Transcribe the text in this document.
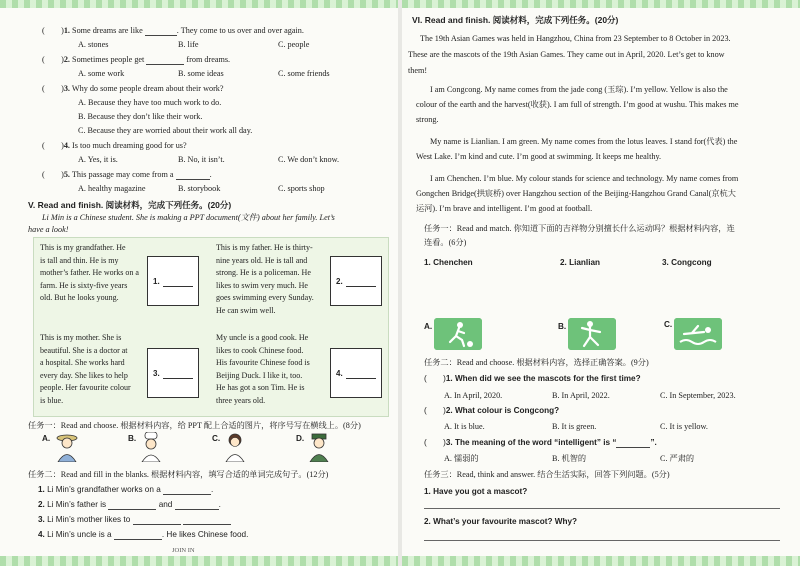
(　　)1. Some dreams are like	. They come to us over and over again.
A. stones	B. life	C. people
(　　)2. Sometimes people get	from dreams.
A. some work	B. some ideas	C. some friends
(　　)3. Why do some people dream about their work?
A. Because they have too much work to do.
B. Because they don’t like their work.
C. Because they are worried about their work all day.
(　　)4. Is too much dreaming good for us?
A. Yes, it is.	B. No, it isn’t.	C. We don’t know.
(　　)5. This passage may come from a	.
A. healthy magazine	B. storybook	C. sports shop
V. Read and finish. 阅读材料，完成下列任务。(20分)
Li Min is a Chinese student. She is making a PPT document(文件) about her family. Let’s
have a look!
This is my grandfather. He
is tall and thin. He is my
mother’s father. He works on a
farm. He is sixty-five years
old. But he looks young.
1.
This is my father. He is thirty-
nine years old. He is tall and
strong. He is a policeman. He
likes to swim very much. He
goes swimming every Sunday.
He can swim well.
2.
This is my mother. She is
beautiful. She is a doctor at
a hospital. She works hard
every day. She likes to help
people. Her favourite colour
is blue.
3.
My uncle is a good cook. He
likes to cook Chinese food.
His favourite Chinese food is
Beijing Duck. I like it, too.
He has got a son Tim. He is
three years old.
4.
任务一：Read and choose. 根据材料内容，给 PPT 配上合适的图片，将序号写在横线上。(8分)
A.	B.	C.	D.
任务二：Read and fill in the blanks. 根据材料内容，填写合适的单词完成句子。(12分)
1. Li Min’s grandfather works on a	.
2. Li Min’s father is	and	.
3. Li Min’s mother likes to
4. Li Min’s uncle is a	. He likes Chinese food.
JOIN IN
VI. Read and finish. 阅读材料，完成下列任务。(20分)
The 19th Asian Games was held in Hangzhou, China from 23 September to 8 October in 2023.
These are the mascots of the 19th Asian Games. They came out in April, 2020. Let’s get to know
them!
I am Congcong. My name comes from the jade cong (玉琮). I’m yellow. Yellow is also the
colour of the earth and the harvest(收获). I am full of strength. I’m good at wushu. This makes me
strong.
My name is Lianlian. I am green. My name comes from the lotus leaves. I stand for(代表) the
West Lake. I’m kind and cute. I’m good at swimming. It keeps me healthy.
I am Chenchen. I’m blue. My colour stands for science and technology. My name comes from
Gongchen Bridge(拱宸桥) over Hangzhou section of the Beijing-Hangzhou Grand Canal(京杭大
运河). I’m brave and intelligent. I’m good at football.
任务一：Read and match. 你知道下面的吉祥物分别擅长什么运动吗？根据材料内容，连
连看。(6分)
1. Chenchen	2. Lianlian	3. Congcong
A.	B.	C.
任务二：Read and choose. 根据材料内容，选择正确答案。(9分)
(　　)1. When did we see the mascots for the first time?
A. In April, 2020.	B. In April, 2022.	C. In September, 2023.
(　　)2. What colour is Congcong?
A. It is blue.	B. It is green.	C. It is yellow.
(　　)3. The meaning of the word “intelligent” is “	”.
A. 懦弱的	B. 机智的	C. 严肃的
任务三：Read, think and answer. 结合生活实际，回答下列问题。(5分)
1. Have you got a mascot?
2. What’s your favourite mascot? Why?
